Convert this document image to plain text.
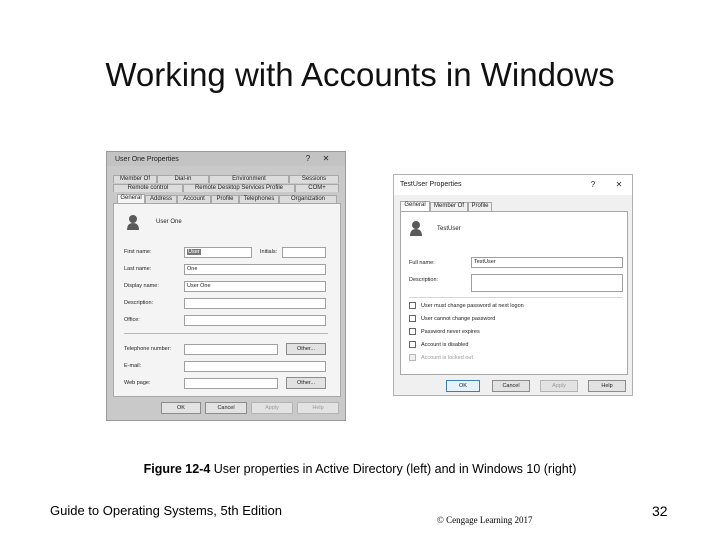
Working with Accounts in Windows
User One Properties	?	✕
Member Of	Dial-in	Environment	Sessions
Remote control	Remote Desktop Services Profile	COM+
General	Address	Account	Profile	Telephones	Organization
User One
First name:	User	Initials:
Last name:	One
Display name:	User One
Description:
Office:
Telephone number:	Other...
E-mail:
Web page:	Other...
OK	Cancel	Apply	Help
TestUser Properties	?	✕
General	Member Of	Profile
TestUser
Full name:	TestUser
Description:
User must change password at next logon
User cannot change password
Password never expires
Account is disabled
Account is locked out
OK	Cancel	Apply	Help
Figure 12-4 User properties in Active Directory (left) and in Windows 10 (right)
Guide to Operating Systems, 5th Edition
© Cengage Learning 2017
32
